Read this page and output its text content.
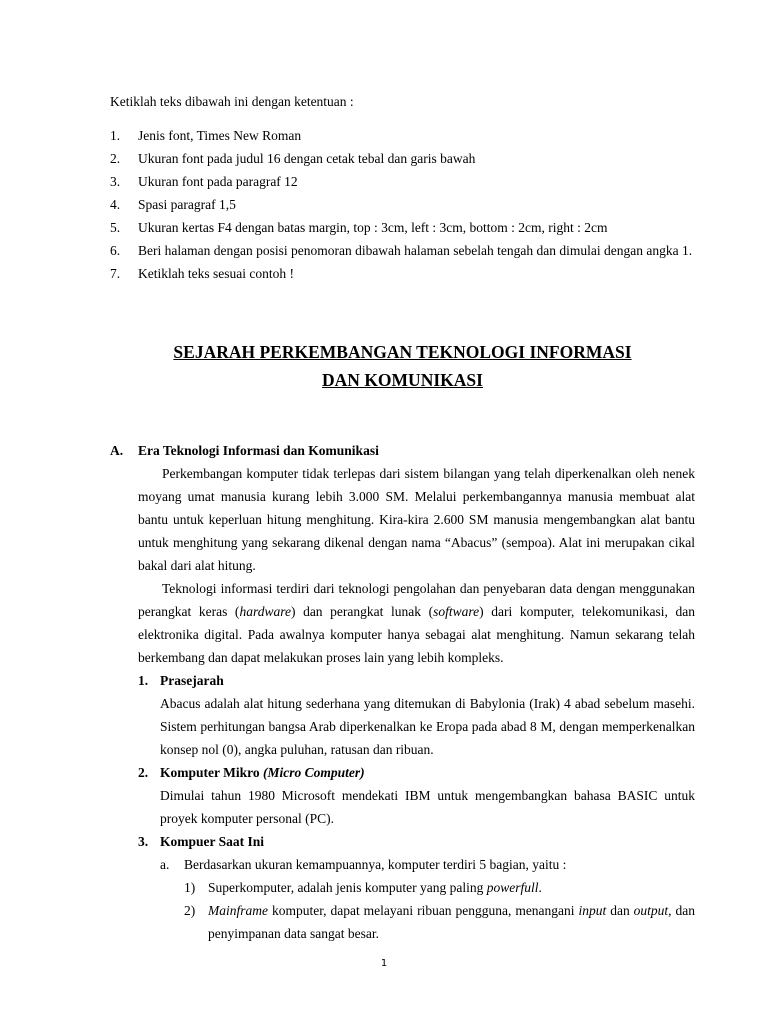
Ketiklah teks dibawah ini dengan ketentuan :
1. Jenis font, Times New Roman
2. Ukuran font pada judul 16 dengan cetak tebal dan garis bawah
3. Ukuran font pada paragraf 12
4. Spasi paragraf 1,5
5. Ukuran kertas F4 dengan batas margin, top : 3cm, left : 3cm, bottom : 2cm, right : 2cm
6. Beri halaman dengan posisi penomoran dibawah halaman sebelah tengah dan dimulai dengan angka 1.
7. Ketiklah teks sesuai contoh !
SEJARAH PERKEMBANGAN TEKNOLOGI INFORMASI
DAN KOMUNIKASI
A. Era Teknologi Informasi dan Komunikasi

Perkembangan komputer tidak terlepas dari sistem bilangan yang telah diperkenalkan oleh nenek moyang umat manusia kurang lebih 3.000 SM. Melalui perkembangannya manusia membuat alat bantu untuk keperluan hitung menghitung. Kira-kira 2.600 SM manusia mengembangkan alat bantu untuk menghitung yang sekarang dikenal dengan nama “Abacus” (sempoa). Alat ini merupakan cikal bakal dari alat hitung.

Teknologi informasi terdiri dari teknologi pengolahan dan penyebaran data dengan menggunakan perangkat keras (hardware) dan perangkat lunak (software) dari komputer, telekomunikasi, dan elektronika digital. Pada awalnya komputer hanya sebagai alat menghitung. Namun sekarang telah berkembang dan dapat melakukan proses lain yang lebih kompleks.

1. Prasejarah
Abacus adalah alat hitung sederhana yang ditemukan di Babylonia (Irak) 4 abad sebelum masehi. Sistem perhitungan bangsa Arab diperkenalkan ke Eropa pada abad 8 M, dengan memperkenalkan konsep nol (0), angka puluhan, ratusan dan ribuan.
2. Komputer Mikro (Micro Computer)
Dimulai tahun 1980 Microsoft mendekati IBM untuk mengembangkan bahasa BASIC untuk proyek komputer personal (PC).
3. Kompuer Saat Ini
a. Berdasarkan ukuran kemampuannya, komputer terdiri 5 bagian, yaitu :
1) Superkomputer, adalah jenis komputer yang paling powerfull.
2) Mainframe komputer, dapat melayani ribuan pengguna, menangani input dan output, dan penyimpanan data sangat besar.
1
